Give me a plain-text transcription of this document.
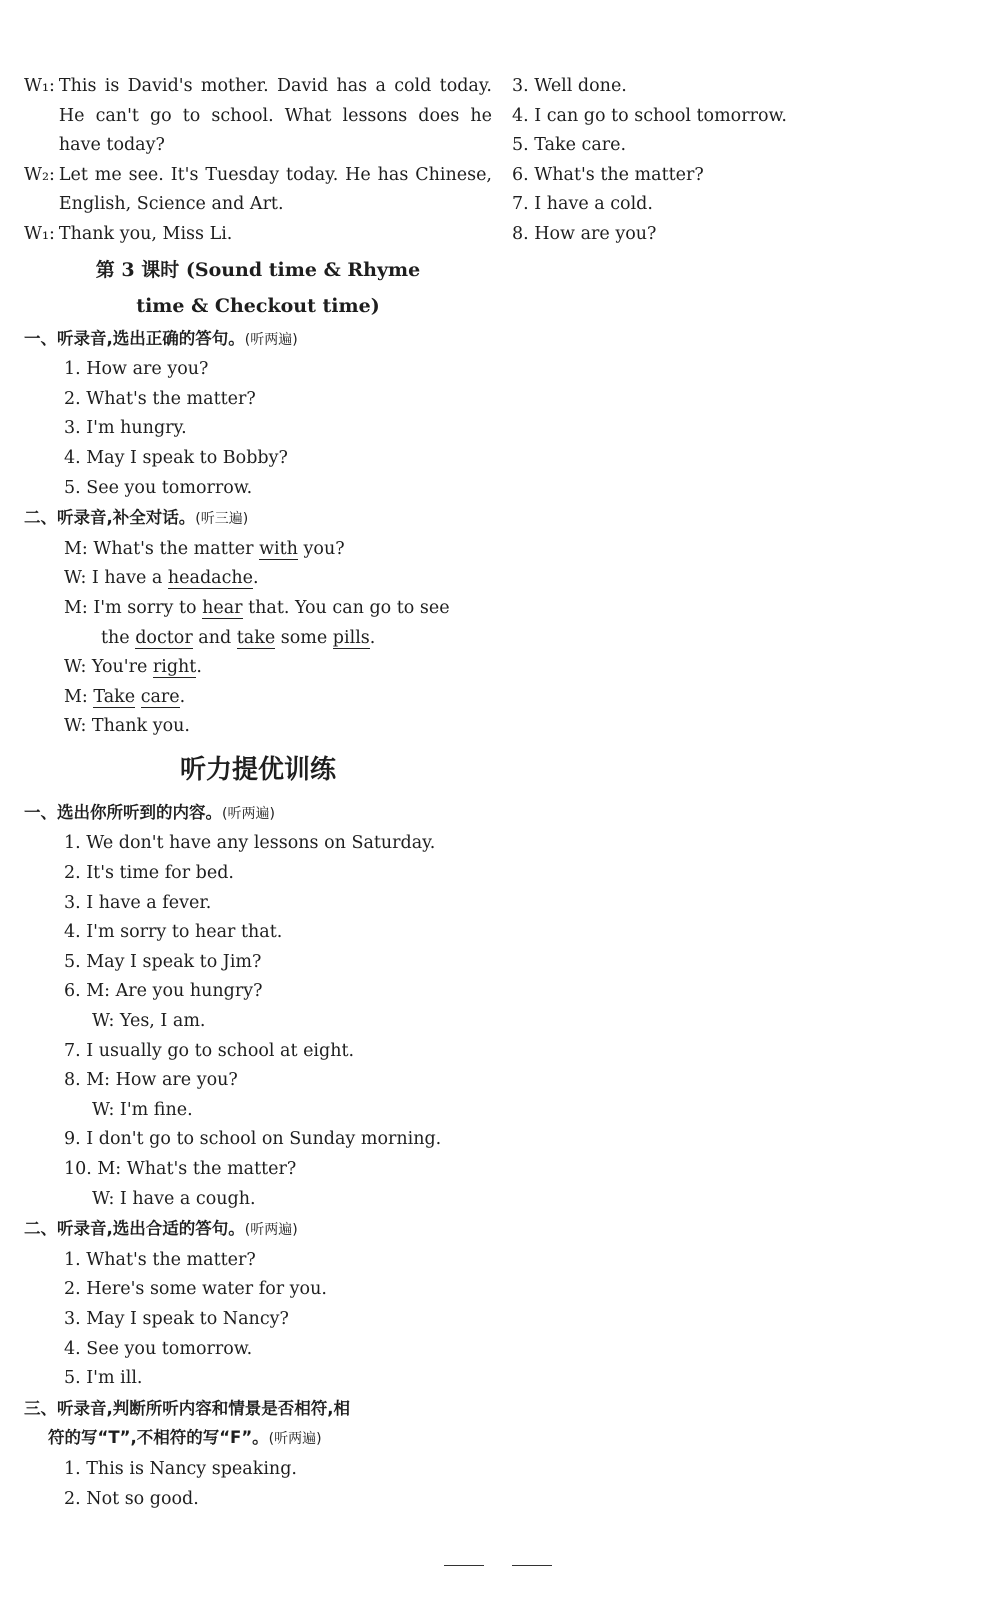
W₁: This is David's mother. David has a cold today. He can't go to school. What lessons does he have today?
W₂: Let me see. It's Tuesday today. He has Chinese, English, Science and Art.
W₁: Thank you, Miss Li.
第 3 课时 (Sound time & Rhyme
time & Checkout time)
一、听录音,选出正确的答句。(听两遍)
1. How are you?
2. What's the matter?
3. I'm hungry.
4. May I speak to Bobby?
5. See you tomorrow.
二、听录音,补全对话。(听三遍)
M: What's the matter with you?
W: I have a headache.
M: I'm sorry to hear that. You can go to see
the doctor and take some pills.
W: You're right.
M: Take care.
W: Thank you.
听力提优训练
一、选出你所听到的内容。(听两遍)
1. We don't have any lessons on Saturday.
2. It's time for bed.
3. I have a fever.
4. I'm sorry to hear that.
5. May I speak to Jim?
6. M: Are you hungry?
W: Yes, I am.
7. I usually go to school at eight.
8. M: How are you?
W: I'm fine.
9. I don't go to school on Sunday morning.
10. M: What's the matter?
W: I have a cough.
二、听录音,选出合适的答句。(听两遍)
1. What's the matter?
2. Here's some water for you.
3. May I speak to Nancy?
4. See you tomorrow.
5. I'm ill.
三、听录音,判断所听内容和情景是否相符,相
符的写“T”,不相符的写“F”。(听两遍)
1. This is Nancy speaking.
2. Not so good.
3. Well done.
4. I can go to school tomorrow.
5. Take care.
6. What's the matter?
7. I have a cold.
8. How are you?
